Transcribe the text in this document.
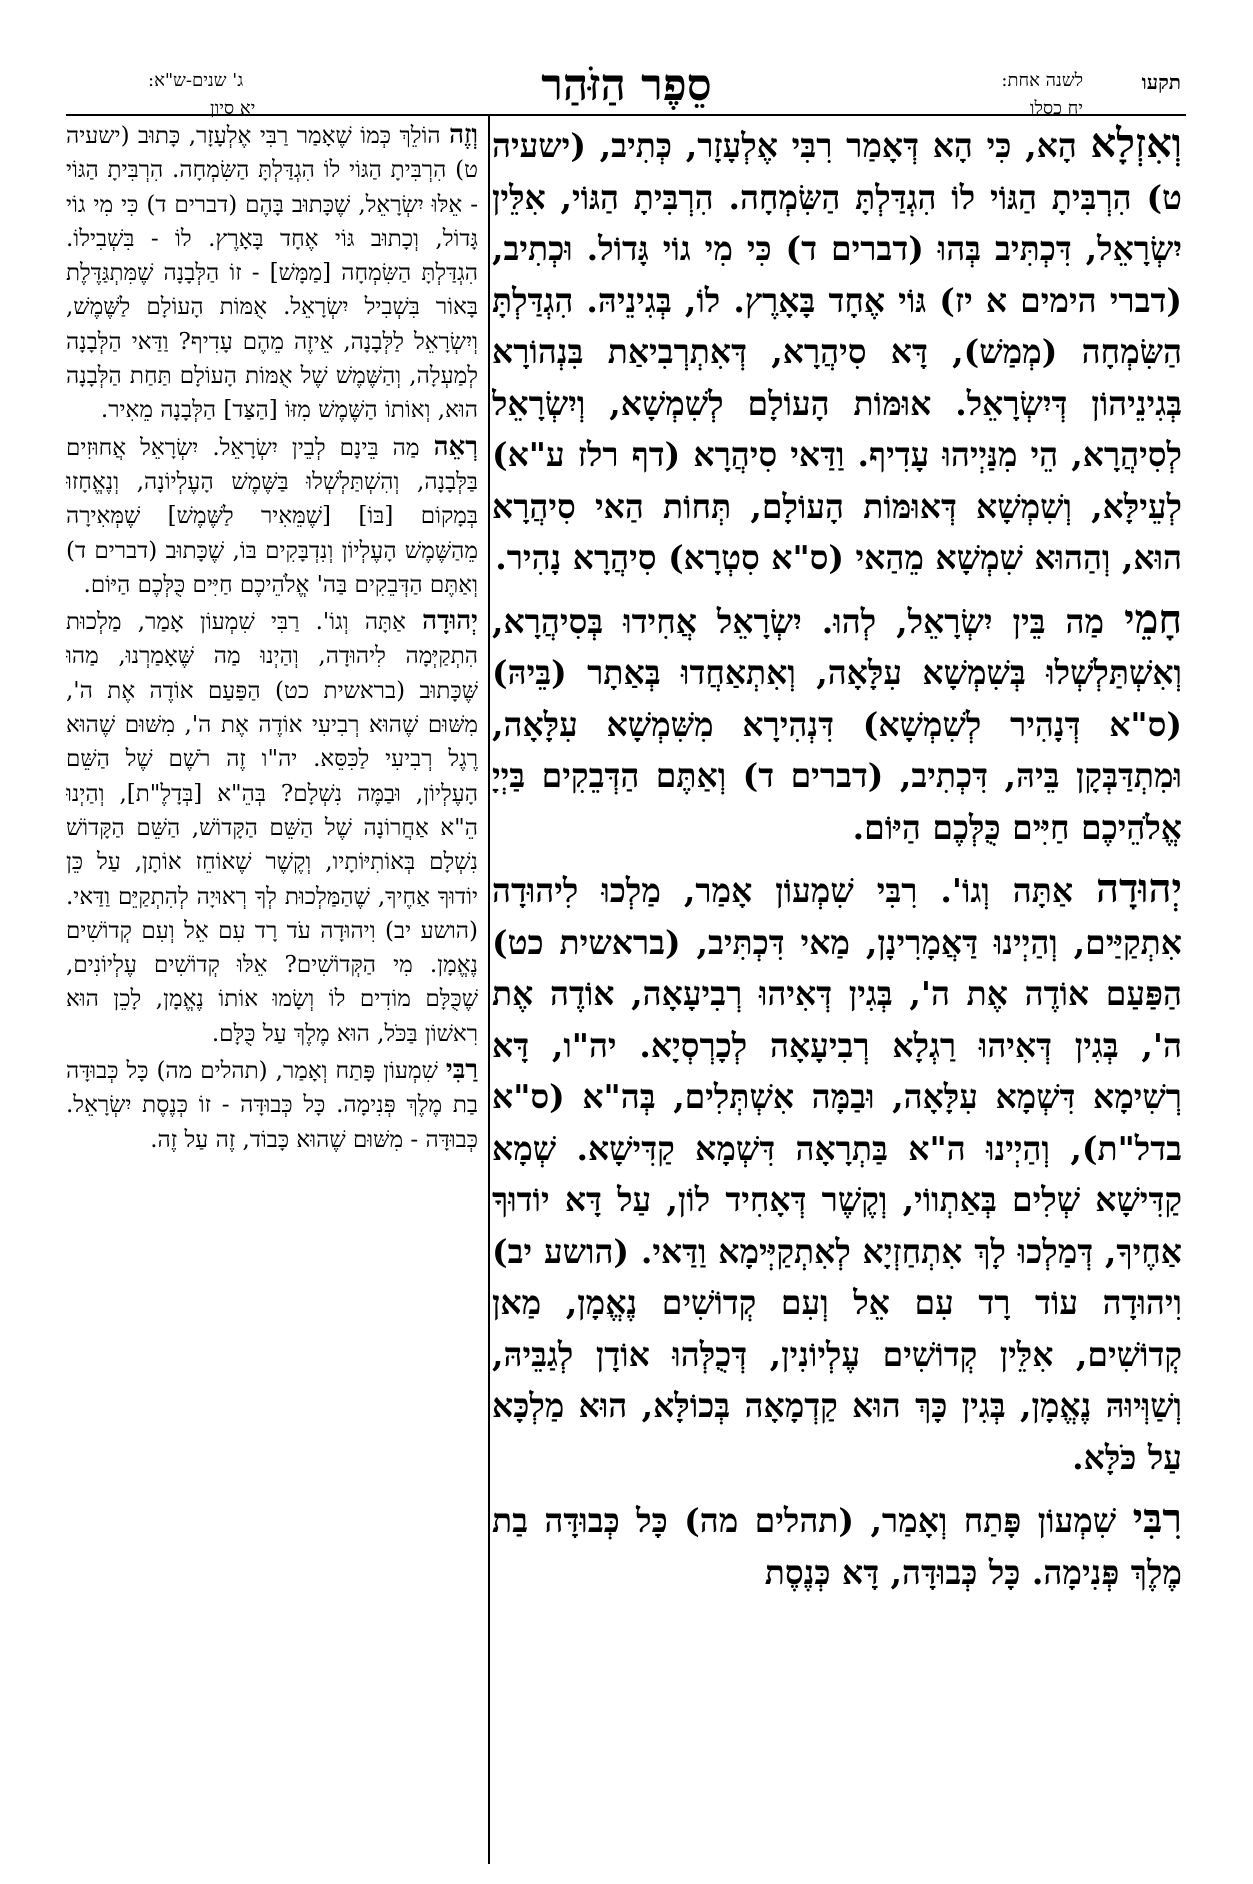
סֵפֶר הַזֹּהַר	תקעו
לשנה אחת:
יח כסלו
ג' שנים-ש"א:
יא סיון

וְאִזְלָא הָא, כִּי הָא דְּאָמַר רִבִּי אֶלְעָזָר, כְּתִיב, (ישעיה ט) הִרְבִּיתָ הַגּוֹי לוֹ הִגְדַּלְתָּ הַשִּׂמְחָה. הִרְבִּיתָ הַגּוֹי, אִלֵּין יִשְׂרָאֵל, דִּכְתִּיב בְּהוּ (דברים ד) כִּי מִי גוֹי גָּדוֹל. וּכְתִיב, (דברי הימים א יז) גּוֹי אֶחָד בָּאָרֶץ. לוֹ, בְּגִינֵיהּ. הִגְדַּלְתָּ הַשִּׂמְחָה (מְמַשׁ), דָּא סִיהֲרָא, דְּאִתְרְבִיאַת בִּנְהוֹרָא בְּגִינֵיהוֹן דְּיִשְׂרָאֵל. אוּמּוֹת הָעוֹלָם לְשִׁמְשָׁא, וְיִשְׂרָאֵל לְסִיהֲרָא, הֵי מִנַּיְיהוּ עָדִיף. וַדַּאי סִיהֲרָא (דף רלז ע"א) לְעֵילָּא, וְשִׁמְשָׁא דְּאוּמּוֹת הָעוֹלָם, תְּחוֹת הַאי סִיהֲרָא הוּא, וְהַהוּא שִׁמְשָׁא מֵהַאי (ס"א סִטְרָא) סִיהֲרָא נָהִיר.

חָמֵי מַה בֵּין יִשְׂרָאֵל, לְהוּ. יִשְׂרָאֵל אֲחִידוּ בְּסִיהֲרָא, וְאִשְׁתַּלְשְׁלוּ בְּשִׁמְשָׁא עִלָּאָה, וְאִתְאַחֲדוּ בְּאַתָר (בֵּיהּ) (ס"א דְּנָהִיר לְשִׁמְשָׁא) דִּנְהִירָא מִשִּׁמְשָׁא עִלָּאָה, וּמִתְדַּבְּקָן בֵּיהּ, דִּכְתִיב, (דברים ד) וְאַתֶּם הַדְּבֵקִים בַּיְיָ אֱלֹהֵיכֶם חַיִּים כֻּלְּכֶם הַיּוֹם.

יְהוּדָה אַתָּה וְגוֹ'. רִבִּי שִׁמְעוֹן אָמַר, מַלְכוּ לִיהוּדָה אִתְקַיַּים, וְהַיְינוּ דַּאֲמָרִינָן, מַאי דִּכְתִּיב, (בראשית כט) הַפַּעַם אוֹדֶה אֶת ה', בְּגִין דְּאִיהוּ רְבִיעָאָה, אוֹדֶה אֶת ה', בְּגִין דְּאִיהוּ רַגְלָא רְבִיעָאָה לְכָרְסְיָא. יה"ו, דָּא רְשִׁימָא דִּשְׁמָא עִלָּאָה, וּבַמָּה אִשְׁתְּלִים, בְּה"א (ס"א בדל"ת), וְהַיְינוּ ה"א בַּתְרָאָה דִּשְׁמָא קַדִּישָׁא. שְׁמָא קַדִּישָׁא שְׁלִים בְּאַתְווֹי, וְקֶשֶׁר דְּאָחִיד לוֹן, עַל דָּא יוֹדוּךָ אַחֶיךָ, דְּמַלְכוּ לָךְ אִתְחַזְיָא לְאִתְקַיְּימָא וַדַּאי. (הושע יב) וִיהוּדָה עוֹד רָד עִם אֵל וְעִם קְדוֹשִׁים נֶאֱמָן, מַאן קְדוֹשִׁים, אִלֵּין קְדוֹשִׁים עֶלְיוֹנִין, דְּכֻלְּהוּ אוֹדָן לְגַבֵּיהּ, וְשַׁוְּיוּהּ נֶאֱמָן, בְּגִין כָּךְ הוּא קַדְמָאָה בְּכוֹלָּא, הוּא מַלְכָּא עַל כֹּלָּא.

רִבִּי שִׁמְעוֹן פָּתַח וְאָמַר, (תהלים מה) כָּל כְּבוּדָּה בַת מֶלֶךְ פְּנִימָה. כָּל כְּבוּדָּה, דָּא כְּנֶסֶת

וְזֶה הוֹלֵךְ כְּמוֹ שֶׁאָמַר רַבִּי אֶלְעָזָר, כָּתוּב (ישעיה ט) הִרְבִּיתָ הַגּוֹי לוֹ הִגְדַּלְתָּ הַשִּׂמְחָה. הִרְבִּיתָ הַגּוֹי - אֵלּוּ יִשְׂרָאֵל, שֶׁכָּתוּב בָּהֶם (דברים ד) כִּי מִי גוֹי גָּדוֹל, וְכָתוּב גּוֹי אֶחָד בָּאָרֶץ. לוֹ - בִּשְׁבִילוֹ. הִגְדַּלְתָּ הַשִּׂמְחָה [מַמָּשׁ] - זוֹ הַלְּבָנָה שֶׁמִּתְגַּדֶּלֶת בָּאוֹר בִּשְׁבִיל יִשְׂרָאֵל. אֻמּוֹת הָעוֹלָם לַשֶּׁמֶשׁ, וְיִשְׂרָאֵל לַלְּבָנָה, אֵיזֶה מֵהֶם עָדִיף? וַדַּאי הַלְּבָנָה לְמַעְלָה, וְהַשֶּׁמֶשׁ שֶׁל אֻמּוֹת הָעוֹלָם תַּחַת הַלְּבָנָה הוּא, וְאוֹתוֹ הַשֶּׁמֶשׁ מִזּוֹ [הַצַּד] הַלְּבָנָה מֵאִיר.

רְאֵה מַה בֵּינָם לְבֵין יִשְׂרָאֵל. יִשְׂרָאֵל אֲחוּזִים בַּלְּבָנָה, וְהִשְׁתַּלְשְׁלוּ בַּשֶּׁמֶשׁ הָעֶלְיוֹנָה, וְנֶאֱחָזוּ בְּמָקוֹם [בּוֹ] [שֶׁמֵּאִיר לַשֶּׁמֶשׁ] שֶׁמְּאִירָה מֵהַשֶּׁמֶשׁ הָעֶלְיוֹן וְנִדְבָּקִים בּוֹ, שֶׁכָּתוּב (דברים ד) וְאַתֶּם הַדְּבֵקִים בַּה' אֱלֹהֵיכֶם חַיִּים כֻּלְּכֶם הַיּוֹם.

יְהוּדָה אַתָּה וְגוֹ'. רַבִּי שִׁמְעוֹן אָמַר, מַלְכוּת הִתְקַיְּמָה לִיהוּדָה, וְהַיְנוּ מַה שֶּׁאָמַרְנוּ, מַהוּ שֶּׁכָּתוּב (בראשית כט) הַפַּעַם אוֹדֶה אֶת ה', מִשּׁוּם שֶׁהוּא רְבִיעִי אוֹדֶה אֶת ה', מִשּׁוּם שֶׁהוּא רֶגֶל רְבִיעִי לַכִּסֵּא. יה"ו זֶה רֹשֶׁם שֶׁל הַשֵּׁם הָעֶלְיוֹן, וּבַמֶּה נִשְׁלָם? בְּהֵ"א [בְּדָלֶ"ת], וְהַיְנוּ הֵ"א אַחֲרוֹנָה שֶׁל הַשֵּׁם הַקָּדוֹשׁ, הַשֵּׁם הַקָּדוֹשׁ נִשְׁלָם בְּאוֹתִיּוֹתָיו, וְקֶשֶׁר שֶׁאוֹחֵז אוֹתָן, עַל כֵּן יוֹדוּךָ אַחֶיךָ, שֶׁהַמַּלְכוּת לְךָ רְאוּיָה לְהִתְקַיֵּם וַדַּאי. (הושע יב) וִיהוּדָה עֹד רָד עִם אֵל וְעִם קְדוֹשִׁים נֶאֱמָן. מִי הַקְּדוֹשִׁים? אֵלּוּ קְדוֹשִׁים עֶלְיוֹנִים, שֶׁכֻּלָּם מוֹדִים לוֹ וְשָׂמוּ אוֹתוֹ נֶאֱמָן, לָכֵן הוּא רִאשׁוֹן בַּכֹּל, הוּא מֶלֶךְ עַל כֻּלָּם.

רַבִּי שִׁמְעוֹן פָּתַח וְאָמַר, (תהלים מה) כָּל כְּבוּדָּה בַת מֶלֶךְ פְּנִימָה. כָּל כְּבוּדָּה - זוֹ כְּנֶסֶת יִשְׂרָאֵל. כְּבוּדָּה - מִשּׁוּם שֶׁהוּא כָּבוֹד, זֶה עַל זֶה.
